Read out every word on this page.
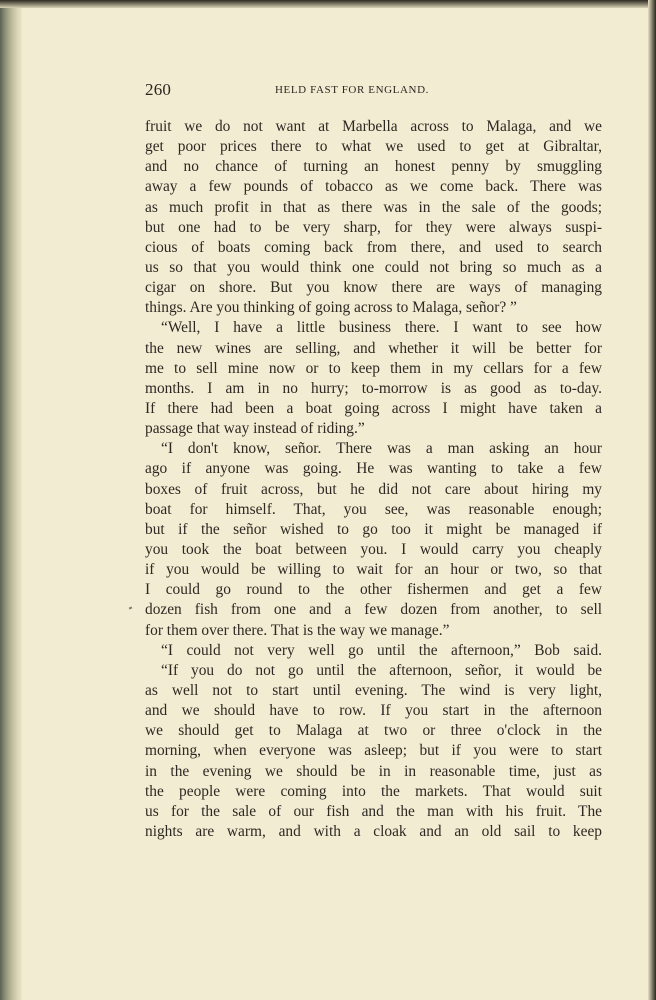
260	HELD FAST FOR ENGLAND.
fruit we do not want at Marbella across to Malaga, and we
get poor prices there to what we used to get at Gibraltar,
and no chance of turning an honest penny by smuggling
away a few pounds of tobacco as we come back. There was
as much profit in that as there was in the sale of the goods;
but one had to be very sharp, for they were always suspi-
cious of boats coming back from there, and used to search
us so that you would think one could not bring so much as a
cigar on shore. But you know there are ways of managing
things. Are you thinking of going across to Malaga, señor? ”
“Well, I have a little business there. I want to see how
the new wines are selling, and whether it will be better for
me to sell mine now or to keep them in my cellars for a few
months. I am in no hurry; to-morrow is as good as to-day.
If there had been a boat going across I might have taken a
passage that way instead of riding.”
“I don't know, señor. There was a man asking an hour
ago if anyone was going. He was wanting to take a few
boxes of fruit across, but he did not care about hiring my
boat for himself. That, you see, was reasonable enough;
but if the señor wished to go too it might be managed if
you took the boat between you. I would carry you cheaply
if you would be willing to wait for an hour or two, so that
I could go round to the other fishermen and get a few
dozen fish from one and a few dozen from another, to sell
for them over there. That is the way we manage.”
“I could not very well go until the afternoon,” Bob said.
“If you do not go until the afternoon, señor, it would be
as well not to start until evening. The wind is very light,
and we should have to row. If you start in the afternoon
we should get to Malaga at two or three o'clock in the
morning, when everyone was asleep; but if you were to start
in the evening we should be in in reasonable time, just as
the people were coming into the markets. That would suit
us for the sale of our fish and the man with his fruit. The
nights are warm, and with a cloak and an old sail to keep
